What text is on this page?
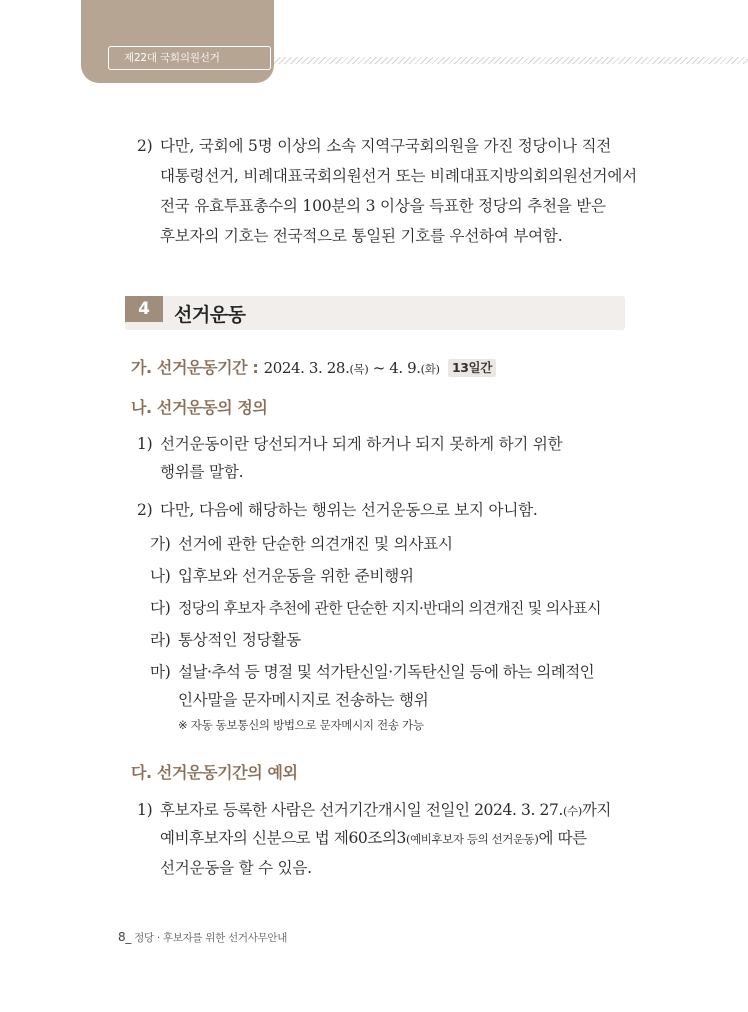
제22대 국회의원선거
2) 다만, 국회에 5명 이상의 소속 지역구국회의원을 가진 정당이나 직전
대통령선거, 비례대표국회의원선거 또는 비례대표지방의회의원선거에서
전국 유효투표총수의 100분의 3 이상을 득표한 정당의 추천을 받은
후보자의 기호는 전국적으로 통일된 기호를 우선하여 부여함.
4	선거운동
가. 선거운동기간 : 2024. 3. 28.(목) ~ 4. 9.(화) 13일간
나. 선거운동의 정의
1) 선거운동이란 당선되거나 되게 하거나 되지 못하게 하기 위한
행위를 말함.
2) 다만, 다음에 해당하는 행위는 선거운동으로 보지 아니함.
가) 선거에 관한 단순한 의견개진 및 의사표시
나) 입후보와 선거운동을 위한 준비행위
다) 정당의 후보자 추천에 관한 단순한 지지·반대의 의견개진 및 의사표시
라) 통상적인 정당활동
마) 설날·추석 등 명절 및 석가탄신일·기독탄신일 등에 하는 의례적인
인사말을 문자메시지로 전송하는 행위
※ 자동 동보통신의 방법으로 문자메시지 전송 가능
다. 선거운동기간의 예외
1) 후보자로 등록한 사람은 선거기간개시일 전일인 2024. 3. 27.(수)까지
예비후보자의 신분으로 법 제60조의3(예비후보자 등의 선거운동)에 따른
선거운동을 할 수 있음.
8_ 정당 · 후보자를 위한 선거사무안내
